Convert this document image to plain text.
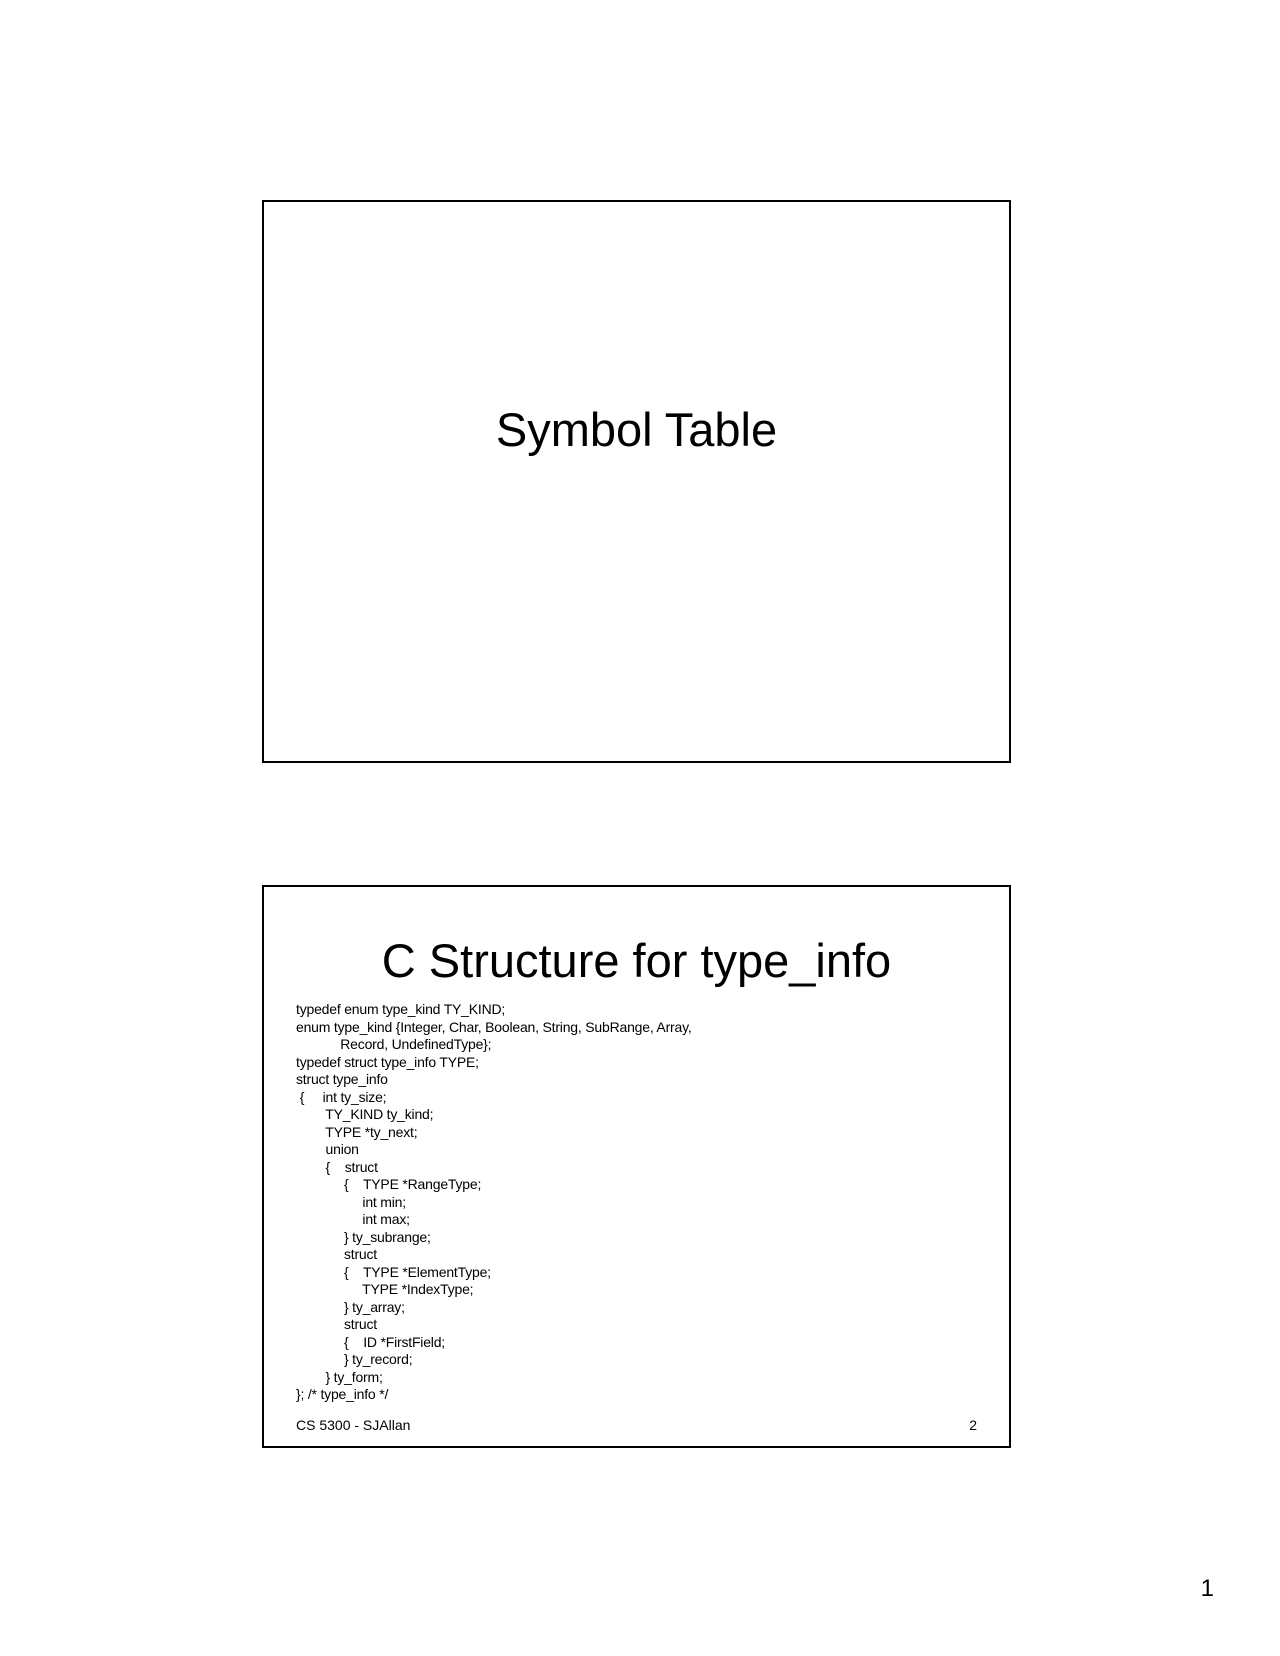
Symbol Table
C Structure for type_info
typedef enum type_kind TY_KIND;
enum type_kind {Integer, Char, Boolean, String, SubRange, Array,
Record, UndefinedType};
typedef struct type_info TYPE;
struct type_info
{     int ty_size;
TY_KIND ty_kind;
TYPE *ty_next;
union
{    struct
{    TYPE *RangeType;
int min;
int max;
} ty_subrange;
struct
{    TYPE *ElementType;
TYPE *IndexType;
} ty_array;
struct
{    ID *FirstField;
} ty_record;
} ty_form;
}; /* type_info */
CS 5300 - SJAllan	2
1
